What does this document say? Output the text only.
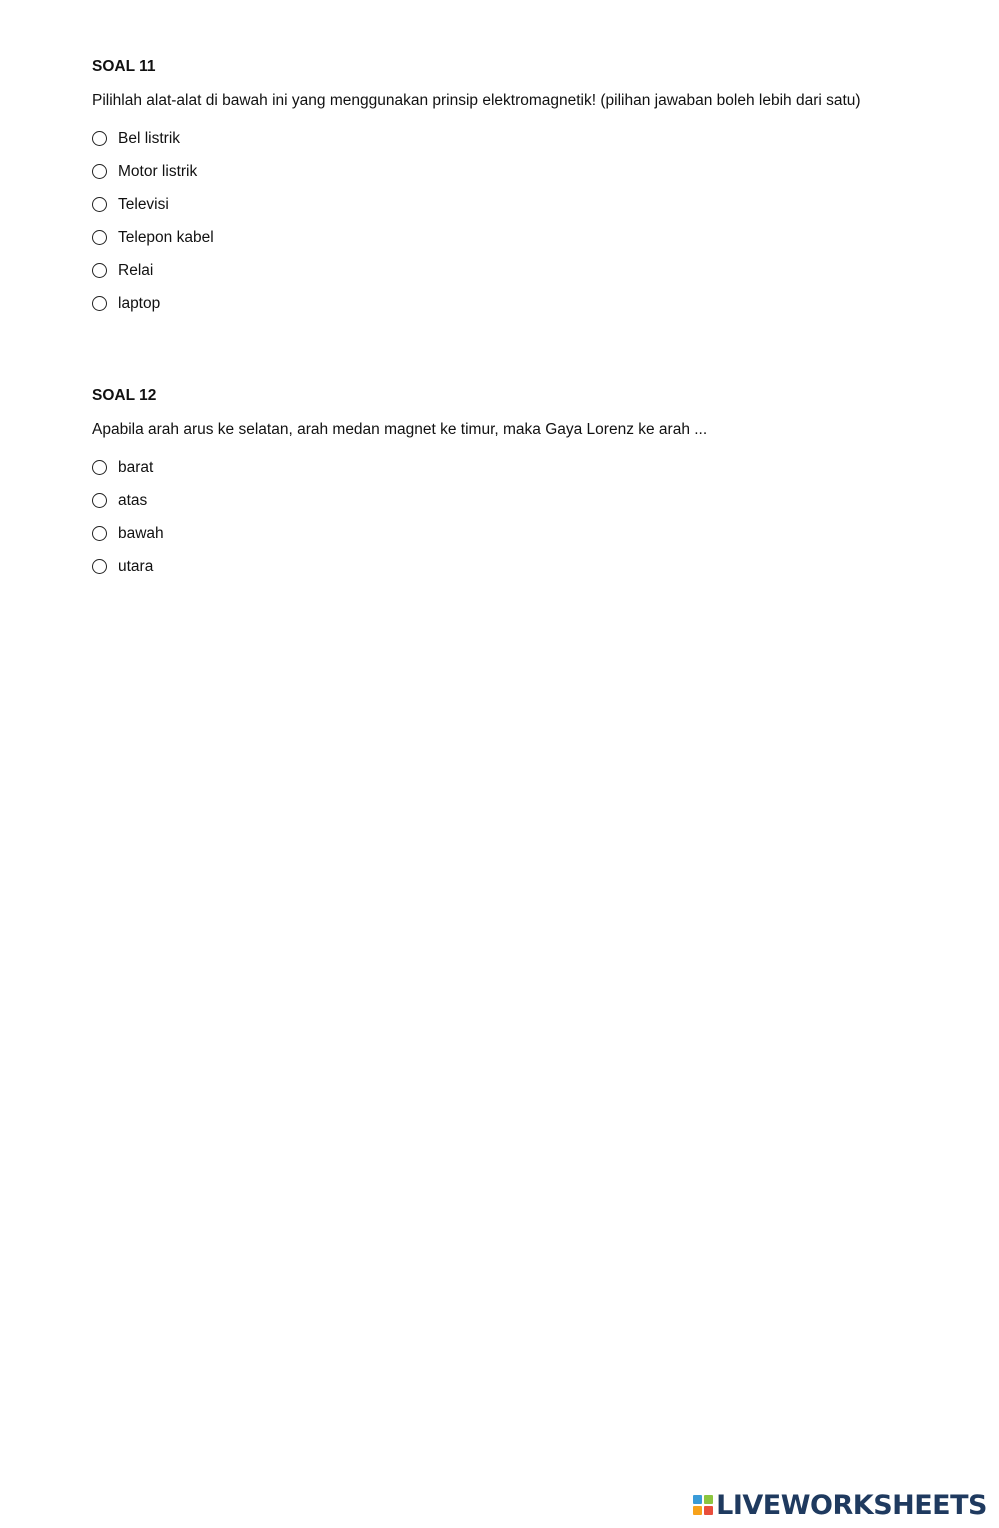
SOAL 11

Pilihlah alat-alat di bawah ini yang menggunakan prinsip elektromagnetik! (pilihan jawaban boleh lebih dari satu)

Bel listrik
Motor listrik
Televisi
Telepon kabel
Relai
laptop

SOAL 12

Apabila arah arus ke selatan, arah medan magnet ke timur, maka Gaya Lorenz ke arah ...

barat
atas
bawah
utara
LIVEWORKSHEETS
